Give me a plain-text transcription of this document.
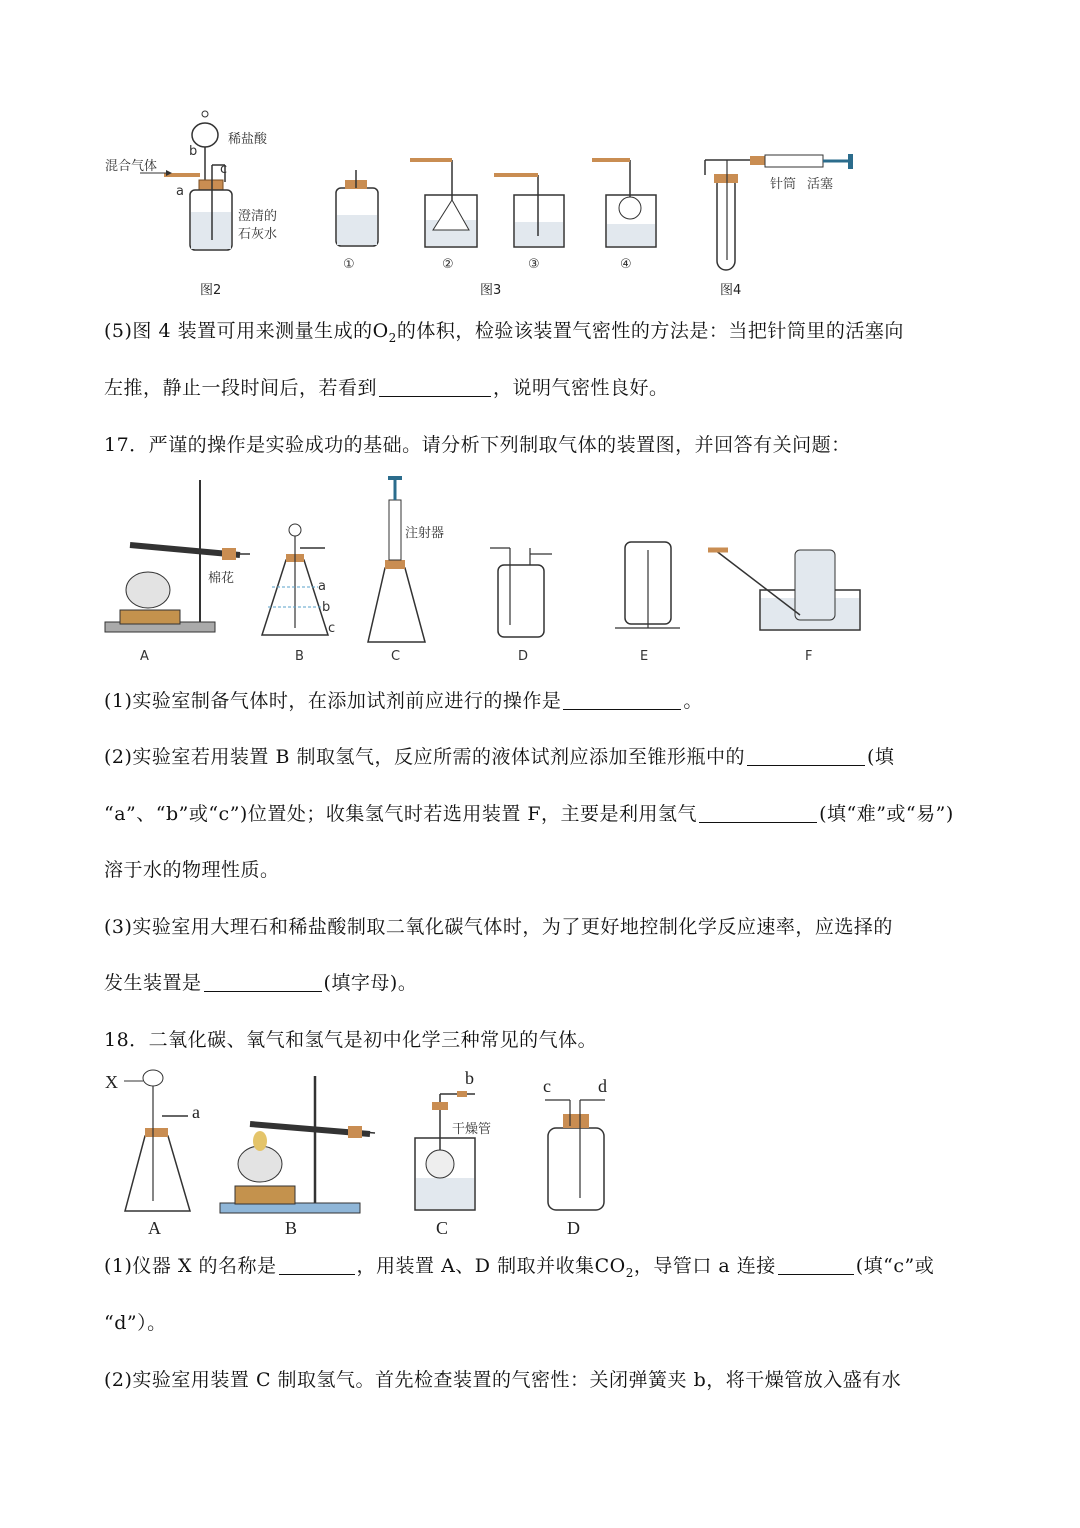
稀盐酸
混合气体
澄清的
石灰水
a
b
c
图2
①	②	③	④
图3
针筒 活塞
图4
(5)图 4 装置可用来测量生成的$O_2$的体积，检验该装置气密性的方法是：当把针筒里的活塞向
左推，静止一段时间后，若看到	，说明气密性良好。
17．严谨的操作是实验成功的基础。请分析下列制取气体的装置图，并回答有关问题：
棉花
A
a
b
c
B
注射器
C	D	E	F
(1)实验室制备气体时，在添加试剂前应进行的操作是	。
(2)实验室若用装置 B 制取氢气，反应所需的液体试剂应添加至锥形瓶中的	(填
“a”、“b”或“c”)位置处；收集氢气时若选用装置 F，主要是利用氢气	(填“难”或“易”)
溶于水的物理性质。
(3)实验室用大理石和稀盐酸制取二氧化碳气体时，为了更好地控制化学反应速率，应选择的
发生装置是	(填字母)。
18．二氧化碳、氧气和氢气是初中化学三种常见的气体。
X
a
A	B
b
干燥管
C
c	d
D
(1)仪器 X 的名称是	，用装置 A、D 制取并收集$CO_2$，导管口 a 连接	(填“c”或
“d”）。
(2)实验室用装置 C 制取氢气。首先检查装置的气密性：关闭弹簧夹 b，将干燥管放入盛有水
